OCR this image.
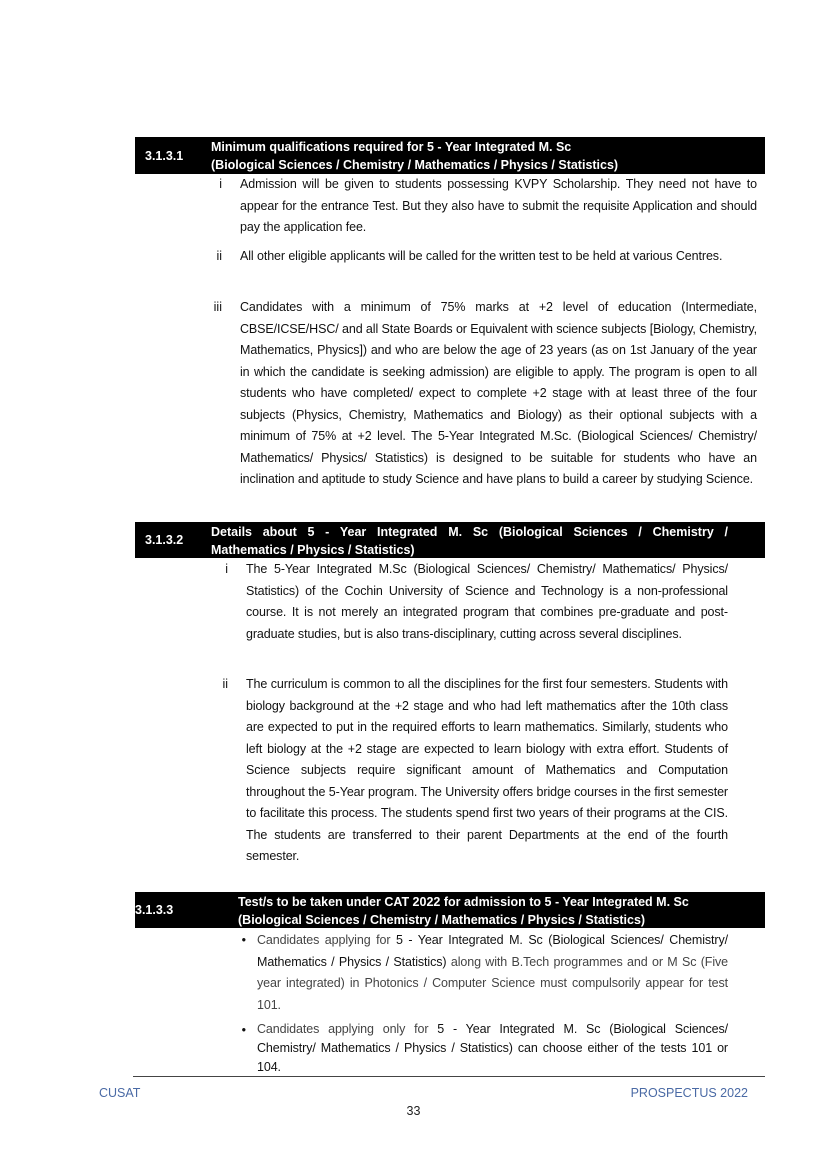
3.1.3.1
Minimum qualifications required for 5 - Year Integrated M. Sc
(Biological Sciences / Chemistry / Mathematics / Physics / Statistics)
i Admission will be given to students possessing KVPY Scholarship. They need not have to appear for the entrance Test. But they also have to submit the requisite Application and should pay the application fee.
ii All other eligible applicants will be called for the written test to be held at various Centres.
iii Candidates with a minimum of 75% marks at +2 level of education (Intermediate, CBSE/ICSE/HSC/ and all State Boards or Equivalent with science subjects [Biology, Chemistry, Mathematics, Physics]) and who are below the age of 23 years (as on 1st January of the year in which the candidate is seeking admission) are eligible to apply. The program is open to all students who have completed/ expect to complete +2 stage with at least three of the four subjects (Physics, Chemistry, Mathematics and Biology) as their optional subjects with a minimum of 75% at +2 level. The 5-Year Integrated M.Sc. (Biological Sciences/ Chemistry/ Mathematics/ Physics/ Statistics) is designed to be suitable for students who have an inclination and aptitude to study Science and have plans to build a career by studying Science.
3.1.3.2
Details about 5 - Year Integrated M. Sc (Biological Sciences / Chemistry /
Mathematics / Physics / Statistics)
i The 5-Year Integrated M.Sc (Biological Sciences/ Chemistry/ Mathematics/ Physics/ Statistics) of the Cochin University of Science and Technology is a non-professional course. It is not merely an integrated program that combines pre-graduate and post-graduate studies, but is also trans-disciplinary, cutting across several disciplines.
ii The curriculum is common to all the disciplines for the first four semesters. Students with biology background at the +2 stage and who had left mathematics after the 10th class are expected to put in the required efforts to learn mathematics. Similarly, students who left biology at the +2 stage are expected to learn biology with extra effort. Students of Science subjects require significant amount of Mathematics and Computation throughout the 5-Year program. The University offers bridge courses in the first semester to facilitate this process. The students spend first two years of their programs at the CIS. The students are transferred to their parent Departments at the end of the fourth semester.
3.1.3.3
Test/s to be taken under CAT 2022 for admission to 5 - Year Integrated M. Sc
(Biological Sciences / Chemistry / Mathematics / Physics / Statistics)
• Candidates applying for 5 - Year Integrated M. Sc (Biological Sciences/ Chemistry/ Mathematics / Physics / Statistics) along with B.Tech programmes and or M Sc (Five year integrated) in Photonics / Computer Science must compulsorily appear for test 101.
• Candidates applying only for 5 - Year Integrated M. Sc (Biological Sciences/ Chemistry/ Mathematics / Physics / Statistics) can choose either of the tests 101 or 104.
CUSAT	PROSPECTUS 2022
33
